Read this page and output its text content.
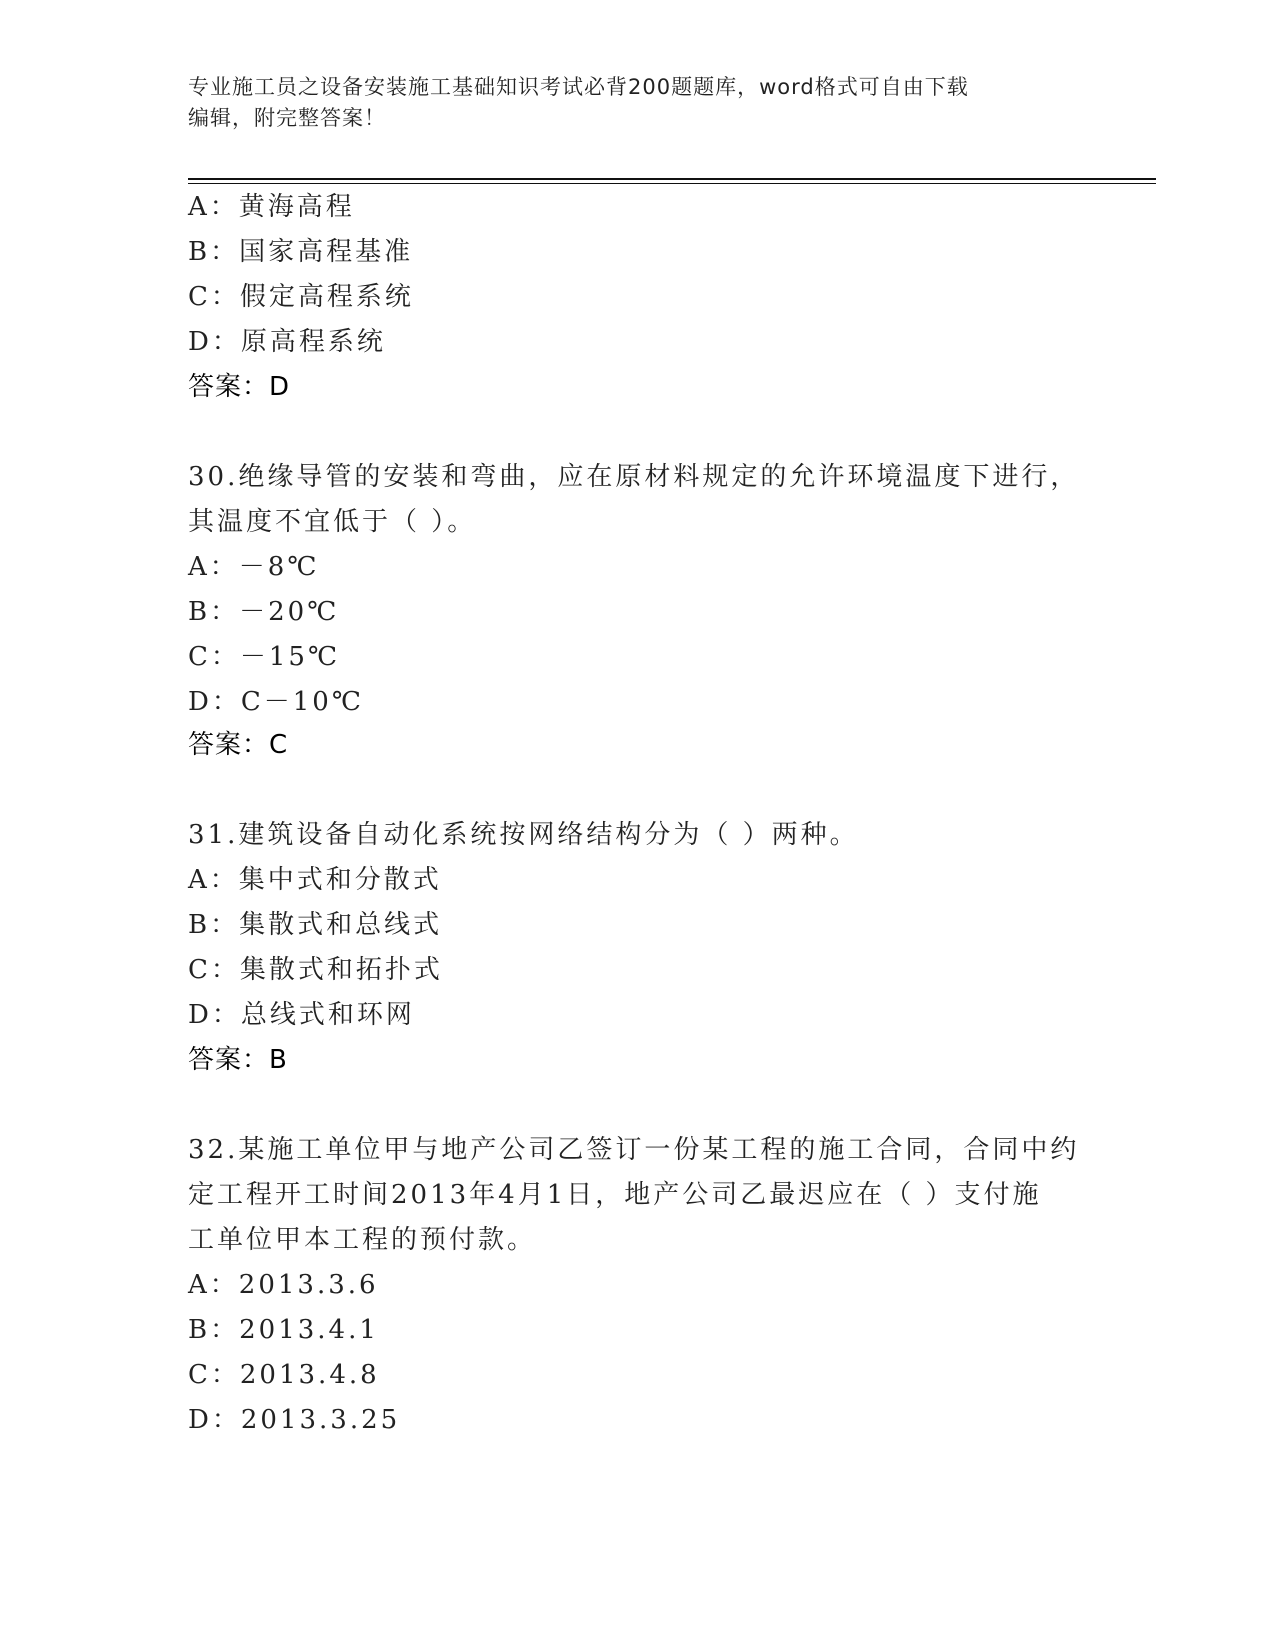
专业施工员之设备安装施工基础知识考试必背200题题库，word格式可自由下载
编辑，附完整答案！
A：黄海高程
B：国家高程基准
C：假定高程系统
D：原高程系统
答案：D
30.绝缘导管的安装和弯曲，应在原材料规定的允许环境温度下进行，
其温度不宜低于（ ）。
A：－8℃
B：－20℃
C：－15℃
D：C－10℃
答案：C
31.建筑设备自动化系统按网络结构分为（ ）两种。
A：集中式和分散式
B：集散式和总线式
C：集散式和拓扑式
D：总线式和环网
答案：B
32.某施工单位甲与地产公司乙签订一份某工程的施工合同，合同中约
定工程开工时间2013年4月1日，地产公司乙最迟应在（ ）支付施
工单位甲本工程的预付款。
A：2013.3.6
B：2013.4.1
C：2013.4.8
D：2013.3.25
